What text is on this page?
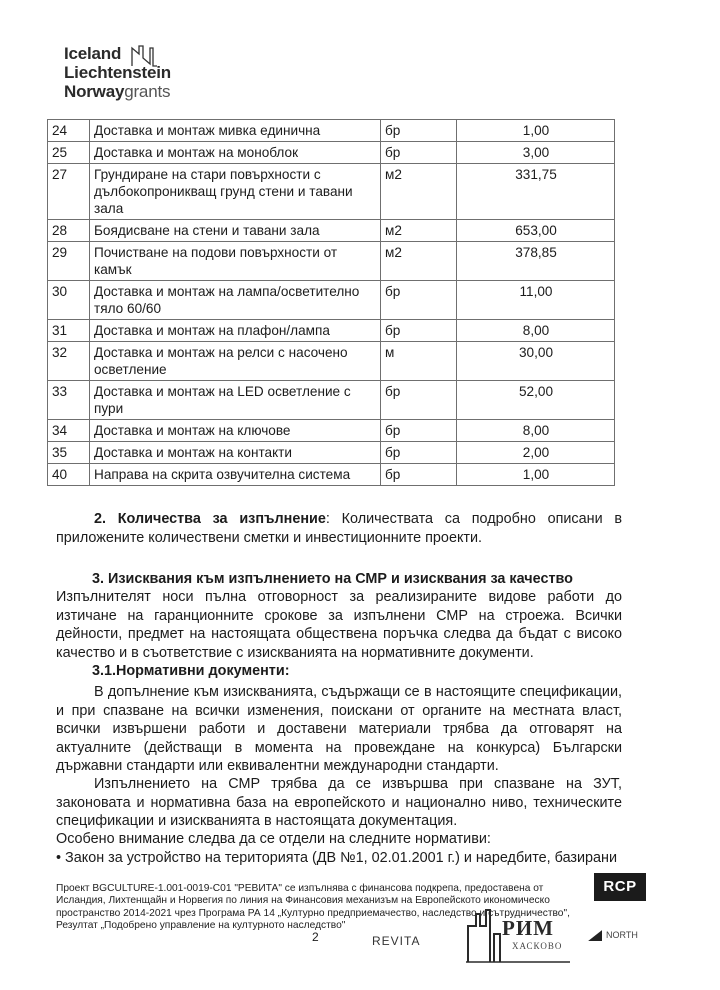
Iceland
Liechtenstein
Norwaygrants
24	Доставка и монтаж мивка единична	бр	1,00
25	Доставка и монтаж на моноблок	бр	3,00
27	Грундиране на стари повърхности с дълбокопроникващ грунд стени и тавани зала	м2	331,75
28	Боядисване на стени и тавани зала	м2	653,00
29	Почистване на подови повърхности от камък	м2	378,85
30	Доставка и монтаж на лампа/осветително тяло 60/60	бр	11,00
31	Доставка и монтаж на плафон/лампа	бр	8,00
32	Доставка и монтаж на релси с насочено осветление	м	30,00
33	Доставка и монтаж на LED осветление с пури	бр	52,00
34	Доставка и монтаж на ключове	бр	8,00
35	Доставка и монтаж на контакти	бр	2,00
40	Направа на скрита озвучителна система	бр	1,00
2. Количества за изпълнение: Количествата са подробно описани в приложените количествени сметки и инвестиционните проекти.
3. Изисквания към изпълнението на СМР и изисквания за качество
Изпълнителят носи пълна отговорност за реализираните видове работи до изтичане на гаранционните срокове за изпълнени СМР на строежа. Всички дейности, предмет на настоящата обществена поръчка следва да бъдат с високо качество и в съответствие с изискванията на нормативните документи.
3.1.Нормативни документи:
В допълнение към изискванията, съдържащи се в настоящите спецификации, и при спазване на всички изменения, поискани от органите на местната власт, всички извършени работи и доставени материали трябва да отговарят на актуалните (действащи в момента на провеждане на конкурса) Български държавни стандарти или еквивалентни международни стандарти.
Изпълнението на СМР трябва да се извършва при спазване на ЗУТ, законовата и нормативна база на европейското и национално ниво, техническите спецификации и изискванията в настоящата документация.
Особено внимание следва да се отдели на следните нормативи:
• Закон за устройство на територията (ДВ №1, 02.01.2001 г.) и наредбите, базирани
Проект BGCULTURE-1.001-0019-C01 "РЕВИТА" се изпълнява с финансова подкрепа, предоставена от Исландия, Лихтенщайн и Норвегия по линия на Финансовия механизъм на Европейското икономическо пространство 2014-2021 чрез Програма РА 14 „Културно предприемачество, наследство и сътрудничество", Резултат „Подобрено управление на културното наследство"
2	REVITA
РИМ
ХАСКОВО
RCP
NORTH
